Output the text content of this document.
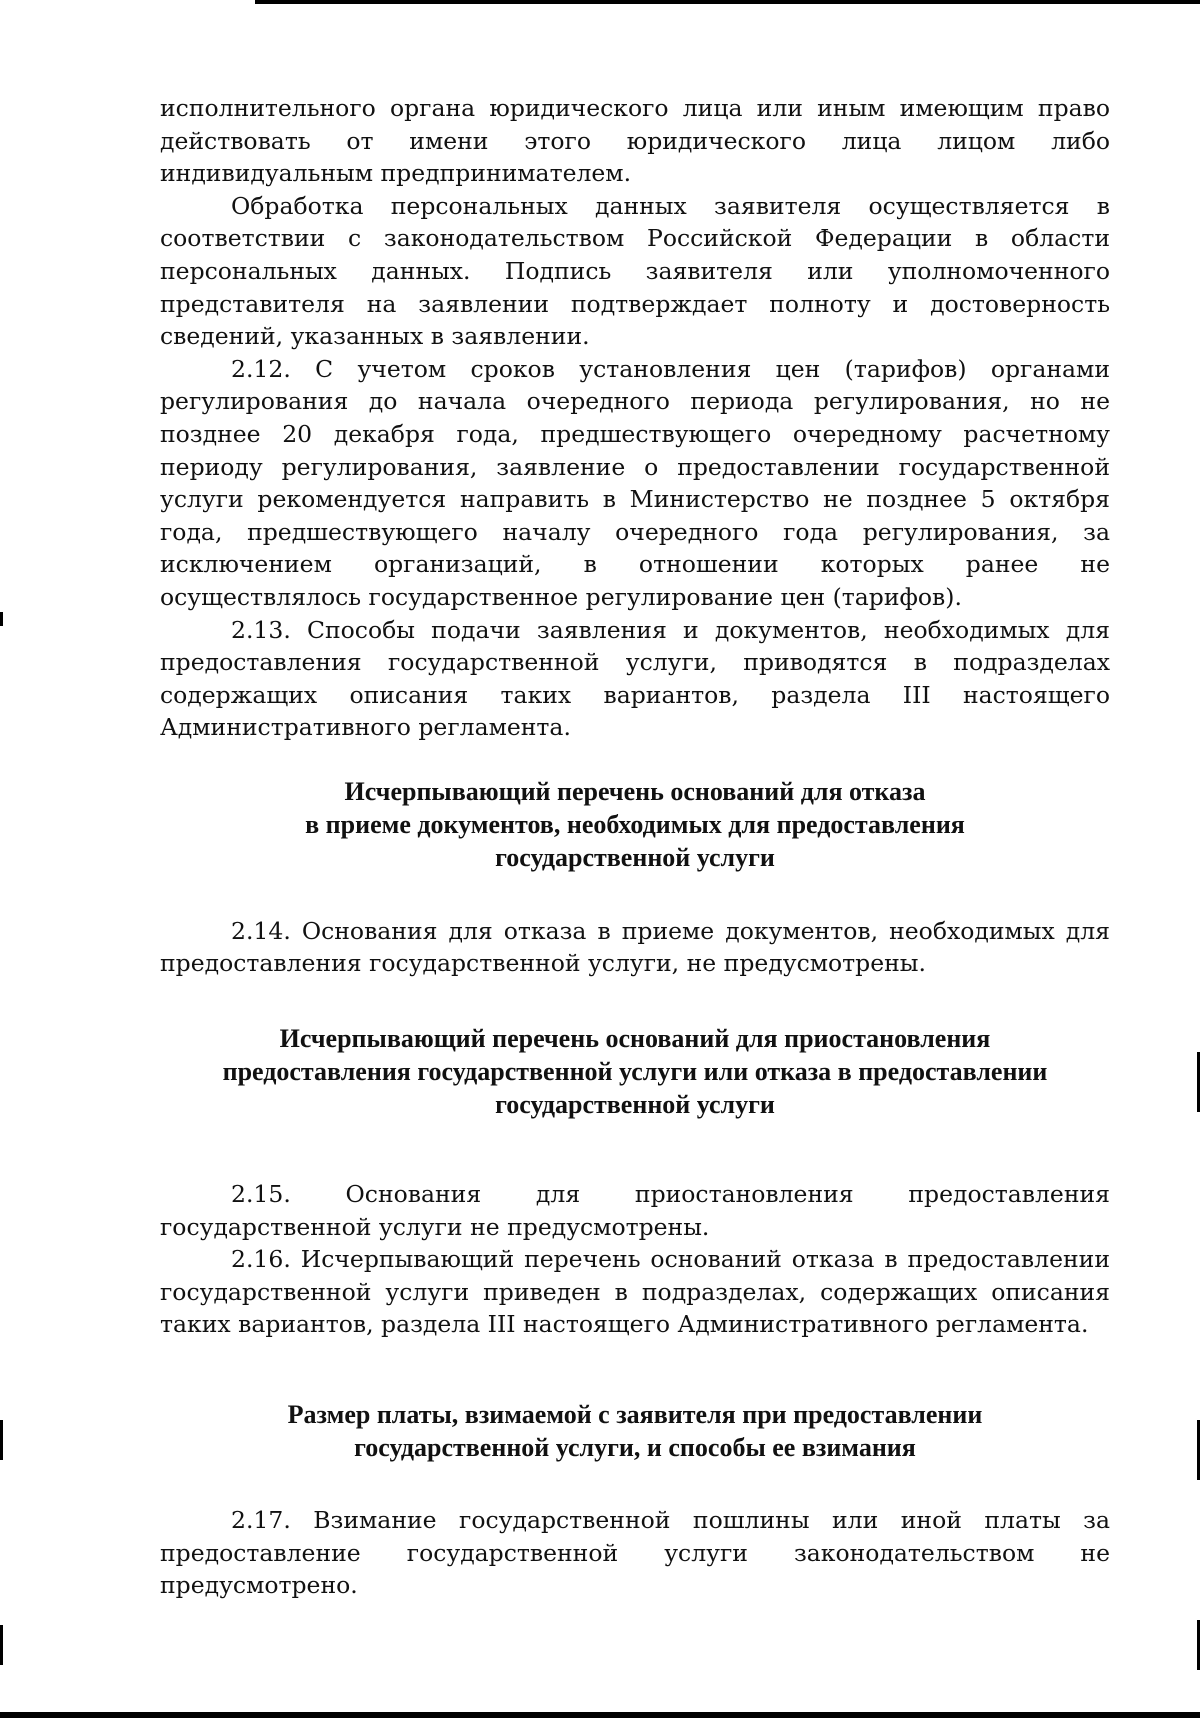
исполнительного органа юридического лица или иным имеющим право действовать от имени этого юридического лица лицом либо индивидуальным предпринимателем.

Обработка персональных данных заявителя осуществляется в соответствии с законодательством Российской Федерации в области персональных данных. Подпись заявителя или уполномоченного представителя на заявлении подтверждает полноту и достоверность сведений, указанных в заявлении.

2.12. С учетом сроков установления цен (тарифов) органами регулирования до начала очередного периода регулирования, но не позднее 20 декабря года, предшествующего очередному расчетному периоду регулирования, заявление о предоставлении государственной услуги рекомендуется направить в Министерство не позднее 5 октября года, предшествующего началу очередного года регулирования, за исключением организаций, в отношении которых ранее не осуществлялось государственное регулирование цен (тарифов).

2.13. Способы подачи заявления и документов, необходимых для предоставления государственной услуги, приводятся в подразделах содержащих описания таких вариантов, раздела III настоящего Административного регламента.

Исчерпывающий перечень оснований для отказа
в приеме документов, необходимых для предоставления
государственной услуги

2.14. Основания для отказа в приеме документов, необходимых для предоставления государственной услуги, не предусмотрены.

Исчерпывающий перечень оснований для приостановления
предоставления государственной услуги или отказа в предоставлении
государственной услуги

2.15. Основания для приостановления предоставления государственной услуги не предусмотрены.

2.16. Исчерпывающий перечень оснований отказа в предоставлении государственной услуги приведен в подразделах, содержащих описания таких вариантов, раздела III настоящего Административного регламента.

Размер платы, взимаемой с заявителя при предоставлении
государственной услуги, и способы ее взимания

2.17. Взимание государственной пошлины или иной платы за предоставление государственной услуги законодательством не предусмотрено.
